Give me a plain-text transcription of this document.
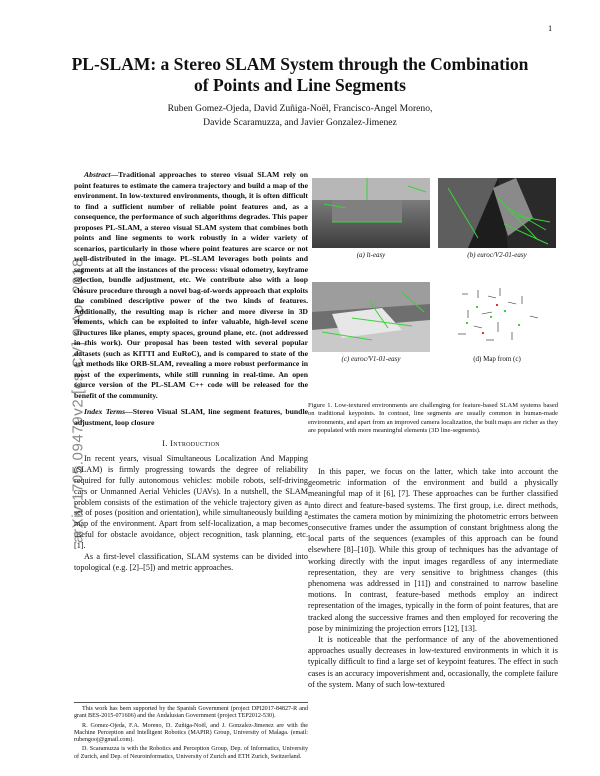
1
arXiv:1705.09479v2 [cs.CV] 9 Apr 2018
PL-SLAM: a Stereo SLAM System through the Combination
of Points and Line Segments
Ruben Gomez-Ojeda, David Zuñiga-Noël, Francisco-Angel Moreno,
Davide Scaramuzza, and Javier Gonzalez-Jimenez

Abstract—Traditional approaches to stereo visual SLAM rely on point features to estimate the camera trajectory and build a map of the environment. In low-textured environments, though, it is often difficult to find a sufficient number of reliable point features and, as a consequence, the performance of such algorithms degrades. This paper proposes PL-SLAM, a stereo visual SLAM system that combines both points and line segments to work robustly in a wider variety of scenarios, particularly in those where point features are scarce or not well-distributed in the image. PL-SLAM leverages both points and segments at all the instances of the process: visual odometry, keyframe selection, bundle adjustment, etc. We contribute also with a loop closure procedure through a novel bag-of-words approach that exploits the combined descriptive power of the two kinds of features. Additionally, the resulting map is richer and more diverse in 3D elements, which can be exploited to infer valuable, high-level scene structures like planes, empty spaces, ground plane, etc. (not addressed in this work). Our proposal has been tested with several popular datasets (such as KITTI and EuRoC), and is compared to state of the art methods like ORB-SLAM, revealing a more robust performance in most of the experiments, while still running in real-time. An open source version of the PL-SLAM C++ code will be released for the benefit of the community.

Index Terms—Stereo Visual SLAM, line segment features, bundle adjustment, loop closure

I. Introduction

In recent years, visual Simultaneous Localization And Mapping (SLAM) is firmly progressing towards the degree of reliability required for fully autonomous vehicles: mobile robots, self-driving cars or Unmanned Aerial Vehicles (UAVs). In a nutshell, the SLAM problem consists of the estimation of the vehicle trajectory given as a set of poses (position and orientation), while simultaneously building a map of the environment. Apart from self-localization, a map becomes useful for obstacle avoidance, object recognition, task planning, etc. [1].

As a first-level classification, SLAM systems can be divided into topological (e.g. [2]–[5]) and metric approaches.

This work has been supported by the Spanish Government (project DPI2017-84827-R and grant BES-2015-071606) and the Andalusian Government (project TEP2012-530).

R. Gomez-Ojeda, F.A. Moreno, D. Zuñiga-Noël, and J. Gonzalez-Jimenez are with the Machine Perception and Intelligent Robotics (MAPIR) Group, University of Malaga. (email: rubengooj@gmail.com).

D. Scaramuzza is with the Robotics and Perception Group, Dep. of Informatics, University of Zurich, and Dep. of Neuroinformatics, University of Zurich and ETH Zurich, Switzerland.

(a) lt-easy	(b) euroc/V2-01-easy
(c) euroc/V1-01-easy	(d) Map from (c)
Figure 1. Low-textured environments are challenging for feature-based SLAM systems based on traditional keypoints. In contrast, line segments are usually common in human-made environments, and apart from an improved camera localization, the built maps are richer as they are populated with more meaningful elements (3D line-segments).

In this paper, we focus on the latter, which take into account the geometric information of the environment and build a physically meaningful map of it [6], [7]. These approaches can be further classified into direct and feature-based systems. The first group, i.e. direct methods, estimates the camera motion by minimizing the photometric errors between consecutive frames under the assumption of constant brightness along the local parts of the sequences (examples of this approach can be found elsewhere [8]–[10]). While this group of techniques has the advantage of working directly with the input images regardless of any intermediate representation, they are very sensitive to brightness changes (this phenomena was addressed in [11]) and constrained to narrow baseline motions. In contrast, feature-based methods employ an indirect representation of the images, typically in the form of point features, that are tracked along the successive frames and then employed for recovering the pose by minimizing the projection errors [12], [13].

It is noticeable that the performance of any of the abovementioned approaches usually decreases in low-textured environments in which it is typically difficult to find a large set of keypoint features. The effect in such cases is an accuracy impoverishment and, occasionally, the complete failure of the system. Many of such low-textured
